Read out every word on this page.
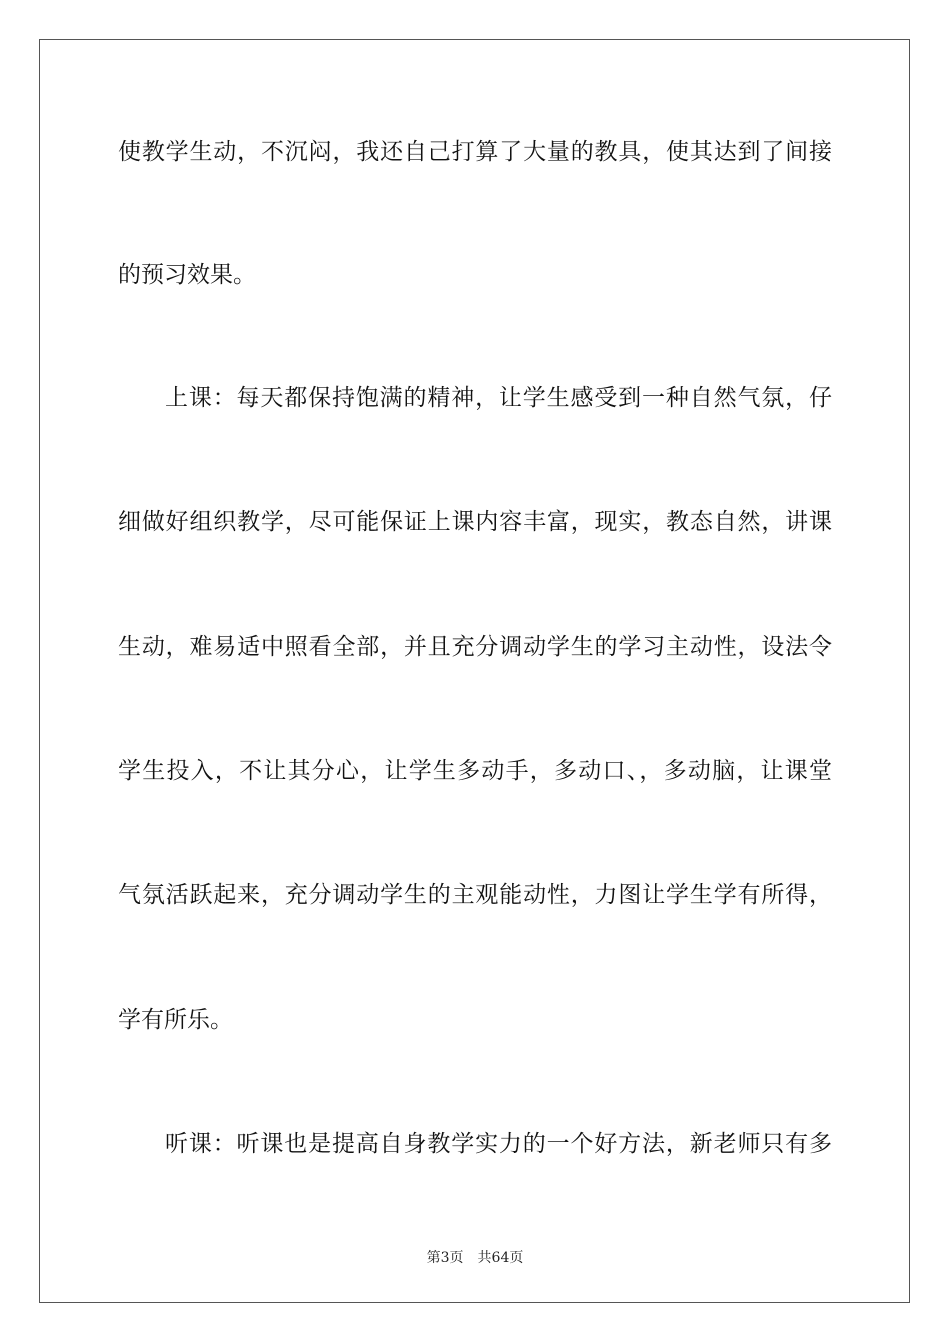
使教学生动，不沉闷，我还自己打算了大量的教具，使其达到了间接

的预习效果。

上课：每天都保持饱满的精神，让学生感受到一种自然气氛，仔

细做好组织教学，尽可能保证上课内容丰富，现实，教态自然，讲课

生动，难易适中照看全部，并且充分调动学生的学习主动性，设法令

学生投入，不让其分心，让学生多动手，多动口、，多动脑，让课堂

气氛活跃起来，充分调动学生的主观能动性，力图让学生学有所得，

学有所乐。

听课：听课也是提高自身教学实力的一个好方法，新老师只有多

第3页 共64页
